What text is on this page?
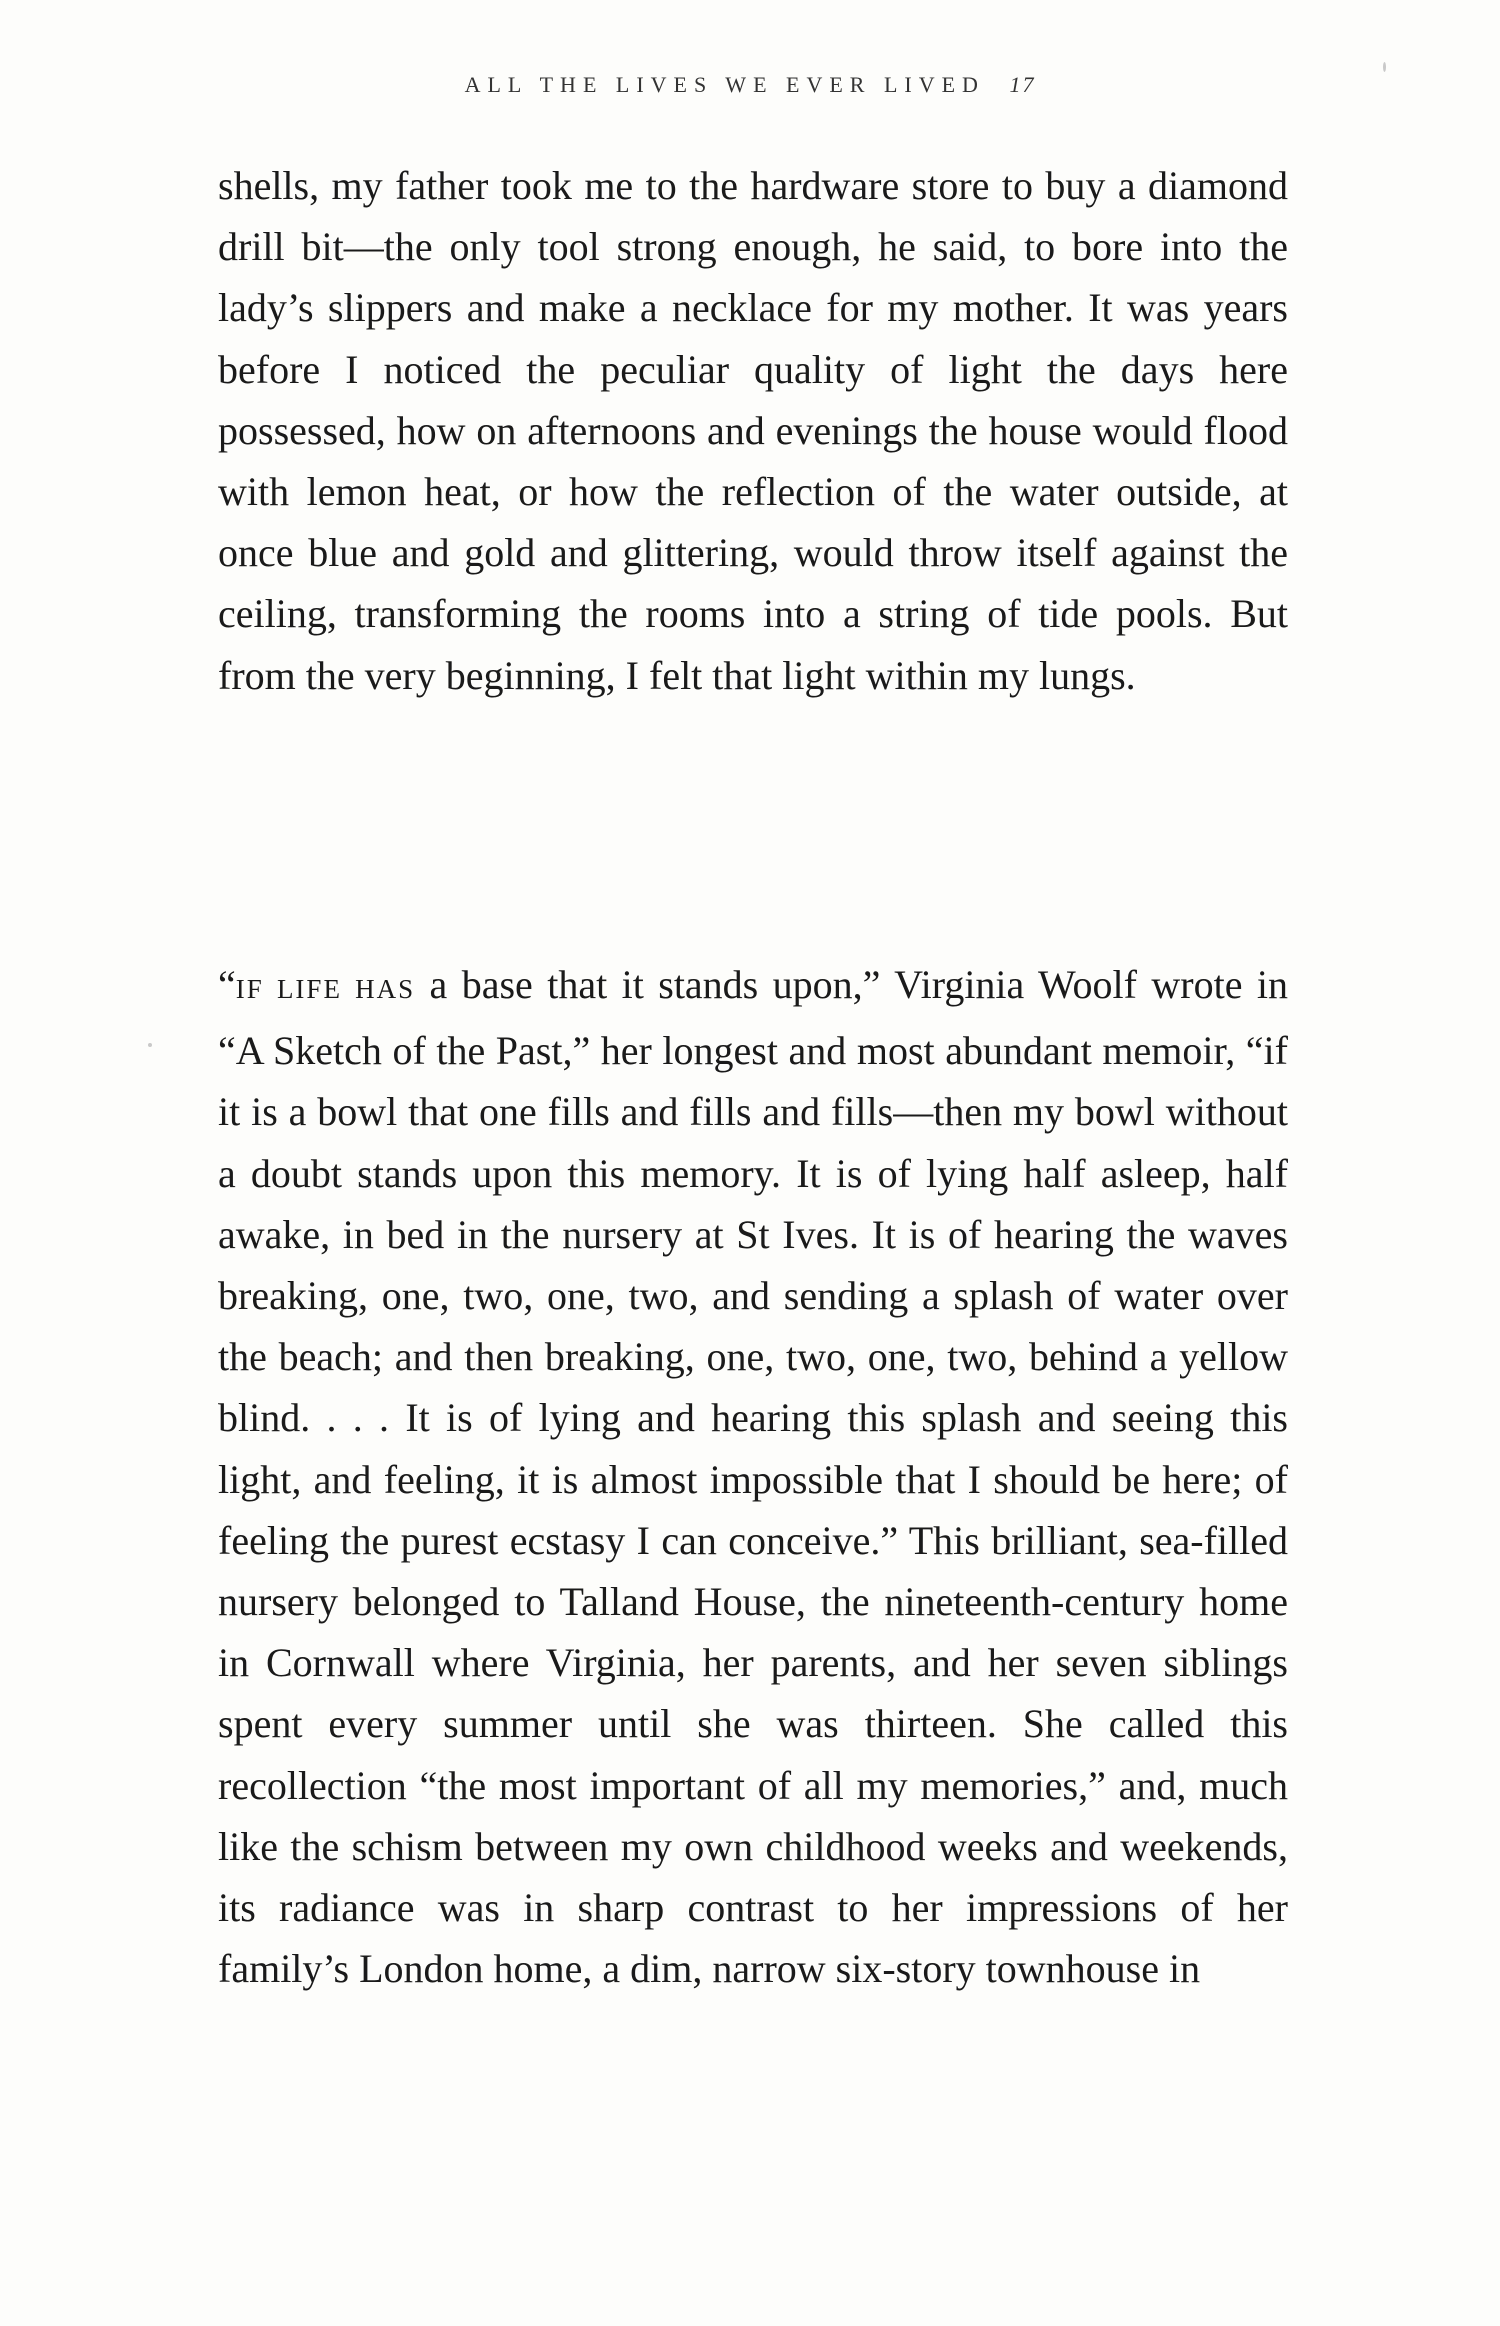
ALL THE LIVES WE EVER LIVED 17

shells, my father took me to the hardware store to buy a diamond drill bit—the only tool strong enough, he said, to bore into the lady’s slippers and make a necklace for my mother. It was years before I noticed the peculiar quality of light the days here possessed, how on afternoons and evenings the house would flood with lemon heat, or how the reflection of the water outside, at once blue and gold and glittering, would throw itself against the ceiling, transforming the rooms into a string of tide pools. But from the very beginning, I felt that light within my lungs.

“IF LIFE HAS a base that it stands upon,” Virginia Woolf wrote in “A Sketch of the Past,” her longest and most abundant memoir, “if it is a bowl that one fills and fills and fills—then my bowl without a doubt stands upon this memory. It is of lying half asleep, half awake, in bed in the nursery at St Ives. It is of hearing the waves breaking, one, two, one, two, and sending a splash of water over the beach; and then breaking, one, two, one, two, behind a yellow blind. . . . It is of lying and hearing this splash and seeing this light, and feeling, it is almost impossible that I should be here; of feeling the purest ecstasy I can conceive.” This brilliant, sea-filled nursery belonged to Talland House, the nineteenth-century home in Cornwall where Virginia, her parents, and her seven siblings spent every summer until she was thirteen. She called this recollection “the most important of all my memories,” and, much like the schism between my own childhood weeks and weekends, its radiance was in sharp contrast to her impressions of her family’s London home, a dim, narrow six-story townhouse in
